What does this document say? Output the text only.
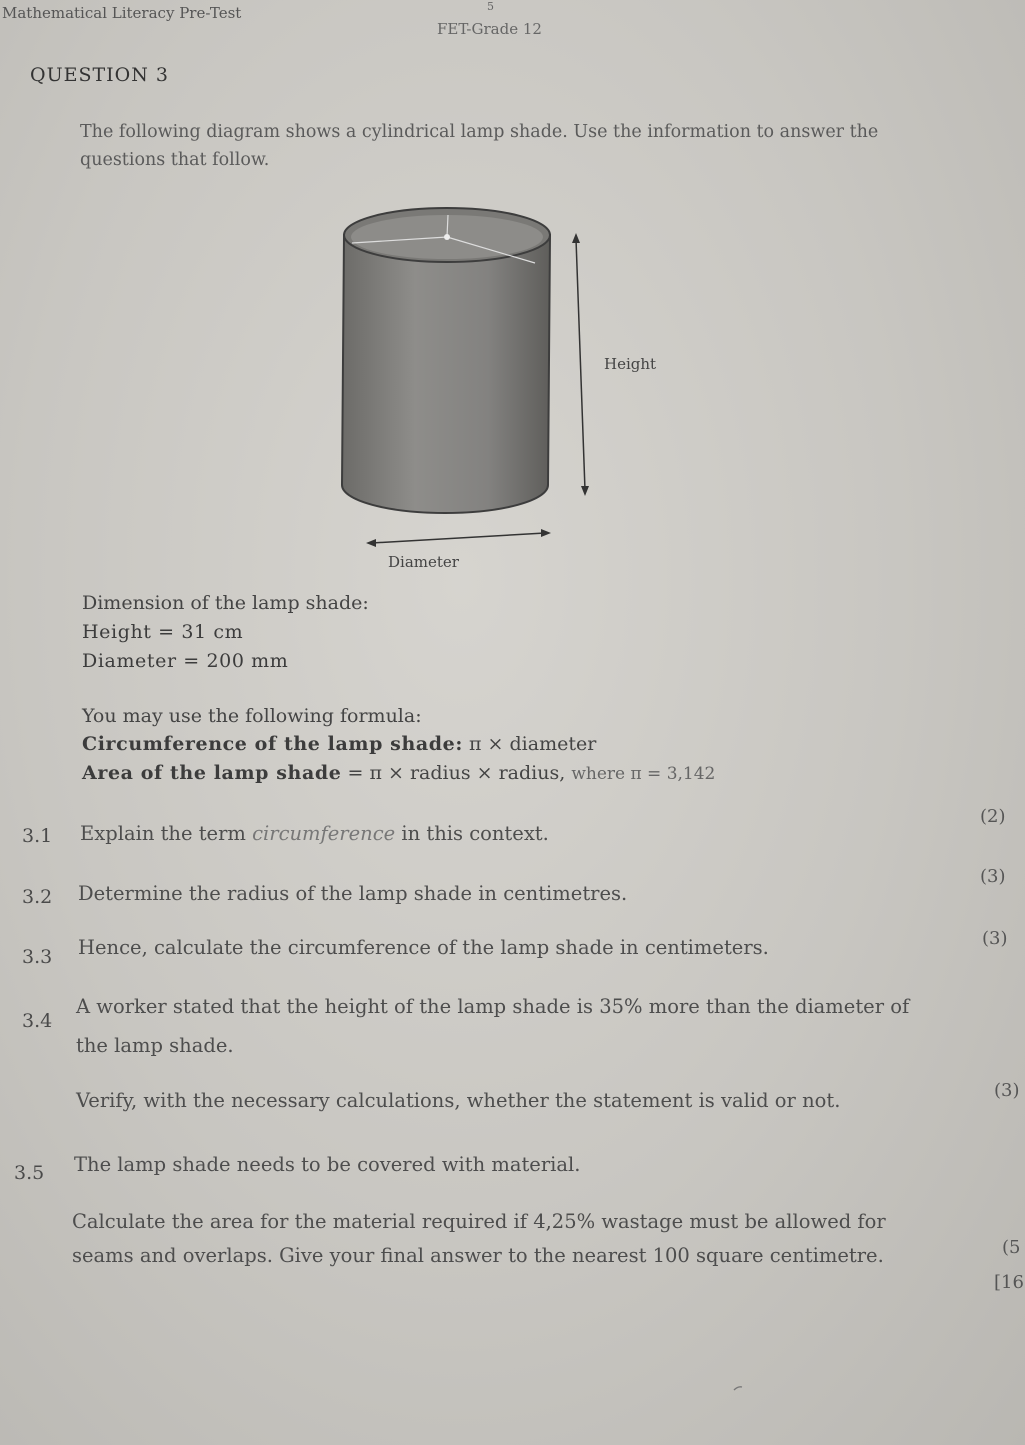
Mathematical Literacy Pre-Test	5
FET-Grade 12
QUESTION 3
The following diagram shows a cylindrical lamp shade. Use the information to answer the questions that follow.
Height
Diameter
Dimension of the lamp shade:
Height = 31 cm
Diameter = 200 mm
You may use the following formula:
Circumference of the lamp shade: π × diameter
Area of the lamp shade = π × radius × radius, where π = 3,142
3.1 Explain the term circumference in this context.
(2)
3.2 Determine the radius of the lamp shade in centimetres.
(3)
3.3 Hence, calculate the circumference of the lamp shade in centimeters.	(3)
3.4
A worker stated that the height of the lamp shade is 35% more than the diameter of
the lamp shade.
Verify, with the necessary calculations, whether the statement is valid or not.	(3)
3.5 The lamp shade needs to be covered with material.
Calculate the area for the material required if 4,25% wastage must be allowed for
seams and overlaps. Give your final answer to the nearest 100 square centimetre.	(5
[16
